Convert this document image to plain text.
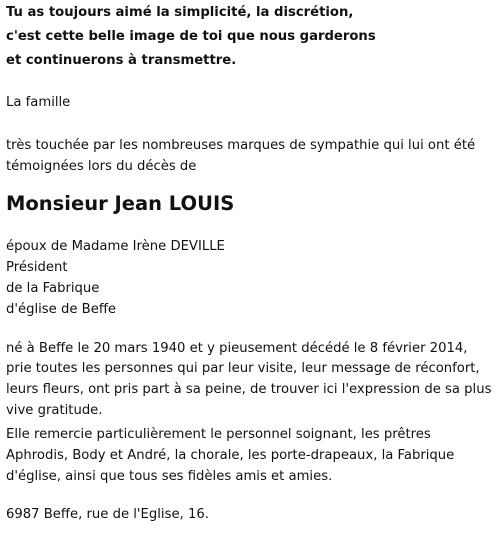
Tu as toujours aimé la simplicité, la discrétion,
c'est cette belle image de toi que nous garderons
et continuerons à transmettre.
La famille
très touchée par les nombreuses marques de sympathie qui lui ont été témoignées lors du décès de
Monsieur Jean LOUIS
époux de Madame Irène DEVILLE
Président
de la Fabrique
d'église de Beffe
né à Beffe le 20 mars 1940 et y pieusement décédé le 8 février 2014,
prie toutes les personnes qui par leur visite, leur message de réconfort, leurs fleurs, ont pris part à sa peine, de trouver ici l'expression de sa plus vive gratitude.
Elle remercie particulièrement le personnel soignant, les prêtres Aphrodis, Body et André, la chorale, les porte-drapeaux, la Fabrique d'église, ainsi que tous ses fidèles amis et amies.
6987 Beffe, rue de l'Eglise, 16.
